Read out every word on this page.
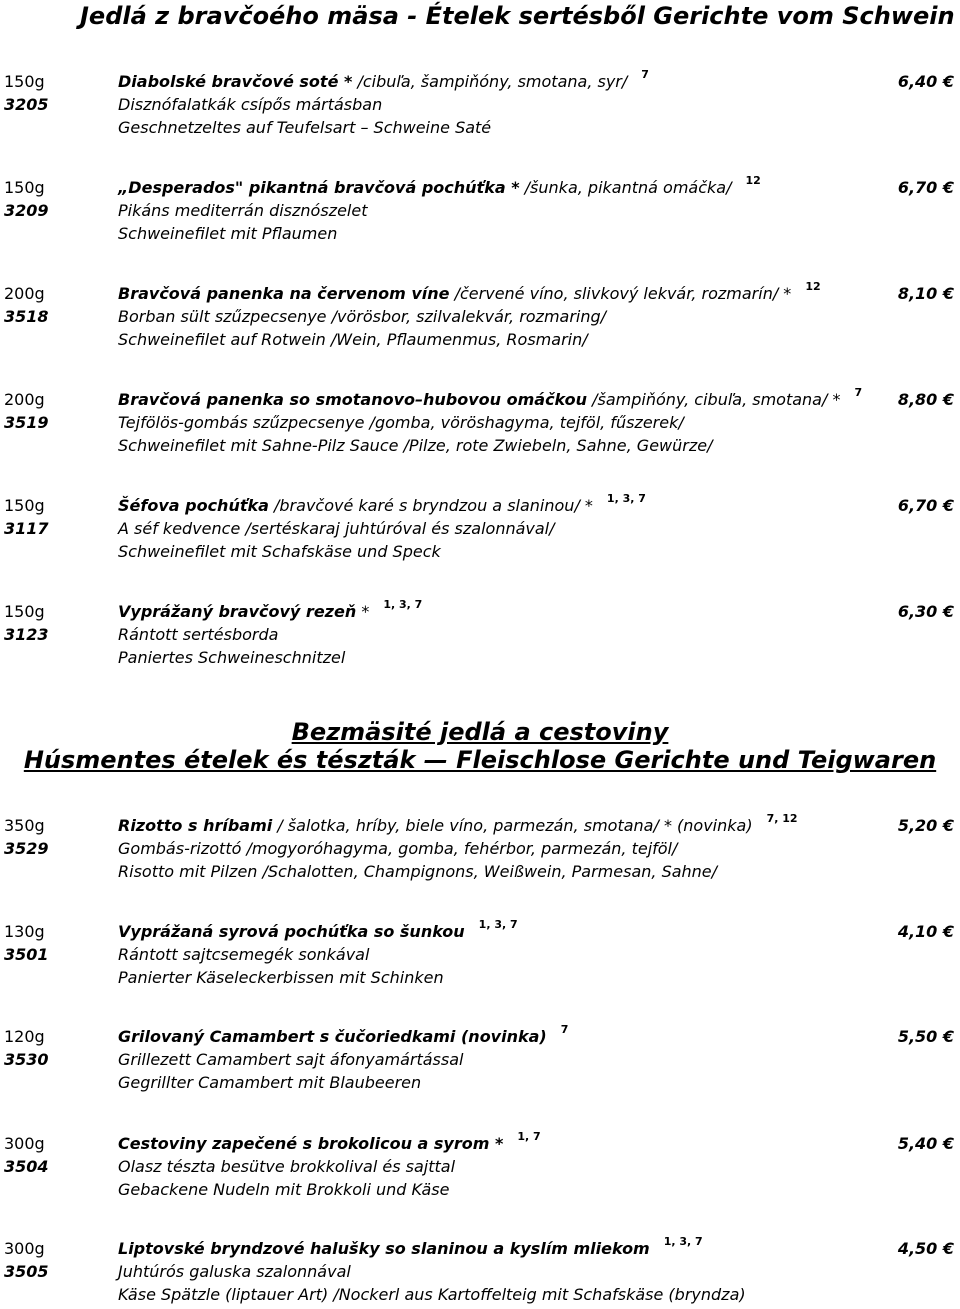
Jedlá z bravčoého mäsa - Ételek sertésből Gerichte vom Schwein
Bezmäsité jedlá a cestoviny
Húsmentes ételek és tészták — Fleischlose Gerichte und Teigwaren
150g	Diabolské bravčové soté * /cibuľa, šampiňóny, smotana, syr/ $^7$	6,40 €
3205	Disznófalatkák csípős mártásban
Geschnetzeltes auf Teufelsart – Schweine Saté
150g	„Desperados" pikantná bravčová pochúťka * /šunka, pikantná omáčka/ $^{12}$	6,70 €
3209	Pikáns mediterrán disznószelet
Schweinefilet mit Pflaumen
200g	Bravčová panenka na červenom víne /červené víno, slivkový lekvár, rozmarín/ * $^{12}$	8,10 €
3518	Borban sült szűzpecsenye /vörösbor, szilvalekvár, rozmaring/
Schweinefilet auf Rotwein /Wein, Pflaumenmus, Rosmarin/
200g	Bravčová panenka so smotanovo–hubovou omáčkou /šampiňóny, cibuľa, smotana/ * $^7$ 8,80 €
3519	Tejfölös-gombás szűzpecsenye /gomba, vöröshagyma, tejföl, fűszerek/
Schweinefilet mit Sahne-Pilz Sauce /Pilze, rote Zwiebeln, Sahne, Gewürze/
150g	Šéfova pochúťka /bravčové karé s bryndzou a slaninou/ * $^{1, 3, 7}$	6,70 €
3117	A séf kedvence /sertéskaraj juhtúróval és szalonnával/
Schweinefilet mit Schafskäse und Speck
150g	Vyprážaný bravčový rezeň * $^{1, 3, 7}$	6,30 €
3123	Rántott sertésborda
Paniertes Schweineschnitzel
350g	Rizotto s hríbami / šalotka, hríby, biele víno, parmezán, smotana/ * (novinka) $^{7, 12}$	5,20 €
3529	Gombás-rizottó /mogyoróhagyma, gomba, fehérbor, parmezán, tejföl/
Risotto mit Pilzen /Schalotten, Champignons, Weißwein, Parmesan, Sahne/
130g	Vyprážaná syrová pochúťka so šunkou $^{1, 3, 7}$	4,10 €
3501	Rántott sajtcsemegék sonkával
Panierter Käseleckerbissen mit Schinken
120g	Grilovaný Camambert s čučoriedkami (novinka) $^7$	5,50 €
3530	Grillezett Camambert sajt áfonyamártással
Gegrillter Camambert mit Blaubeeren
300g	Cestoviny zapečené s brokolicou a syrom * $^{1, 7}$	5,40 €
3504	Olasz tészta besütve brokkolival és sajttal
Gebackene Nudeln mit Brokkoli und Käse
300g	Liptovské bryndzové halušky so slaninou a kyslím mliekom $^{1, 3, 7}$	4,50 €
3505	Juhtúrós galuska szalonnával
Käse Spätzle (liptauer Art) /Nockerl aus Kartoffelteig mit Schafskäse (bryndza)
